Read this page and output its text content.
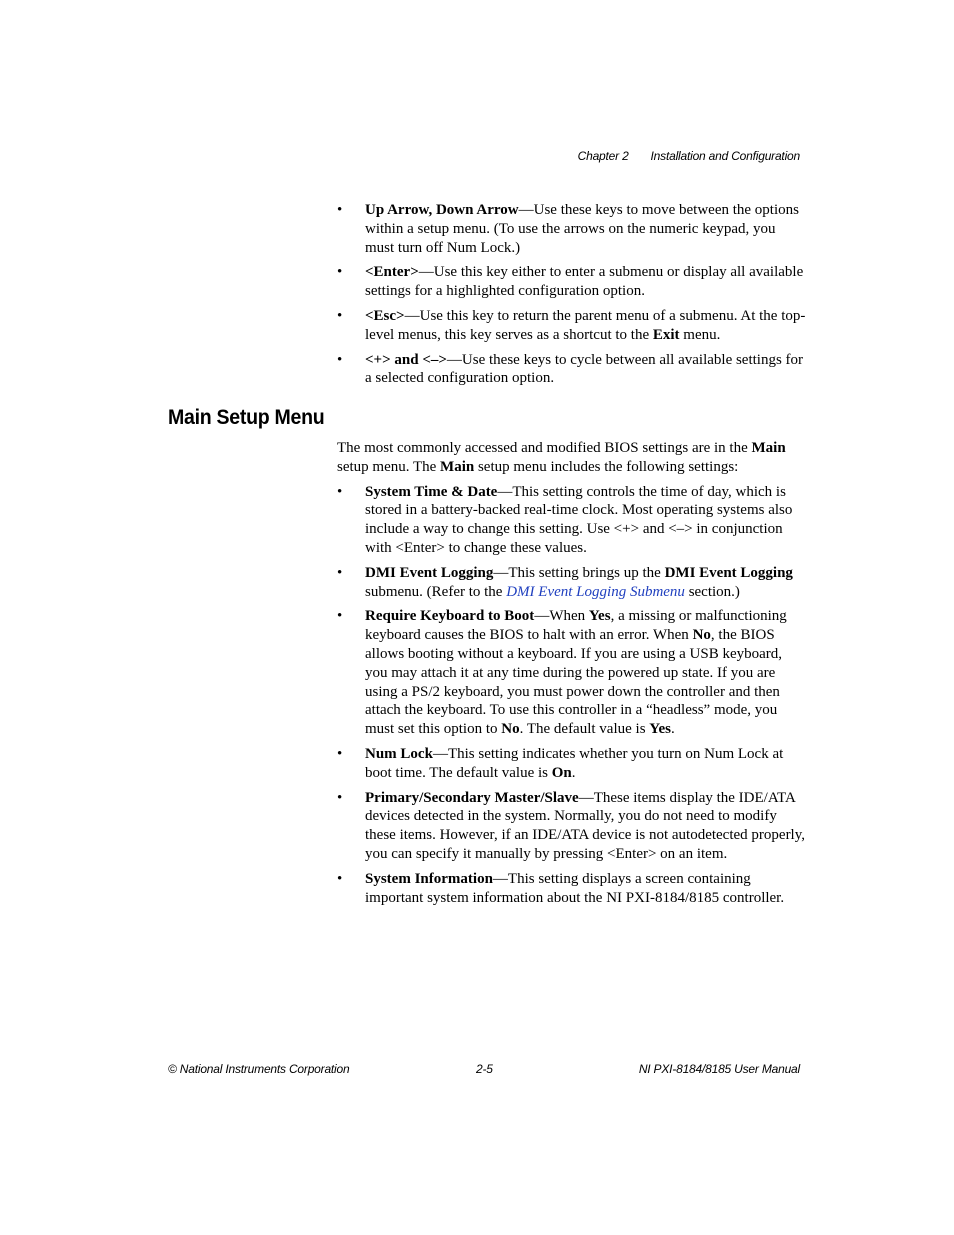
Chapter 2 Installation and Configuration
• Up Arrow, Down Arrow—Use these keys to move between the options within a setup menu. (To use the arrows on the numeric keypad, you must turn off Num Lock.)
• <Enter>—Use this key either to enter a submenu or display all available settings for a highlighted configuration option.
• <Esc>—Use this key to return the parent menu of a submenu. At the top-level menus, this key serves as a shortcut to the Exit menu.
• <+> and <–>—Use these keys to cycle between all available settings for a selected configuration option.
Main Setup Menu

The most commonly accessed and modified BIOS settings are in the Main setup menu. The Main setup menu includes the following settings:

• System Time & Date—This setting controls the time of day, which is stored in a battery-backed real-time clock. Most operating systems also include a way to change this setting. Use <+> and <–> in conjunction with <Enter> to change these values.
• DMI Event Logging—This setting brings up the DMI Event Logging submenu. (Refer to the DMI Event Logging Submenu section.)
• Require Keyboard to Boot—When Yes, a missing or malfunctioning keyboard causes the BIOS to halt with an error. When No, the BIOS allows booting without a keyboard. If you are using a USB keyboard, you may attach it at any time during the powered up state. If you are using a PS/2 keyboard, you must power down the controller and then attach the keyboard. To use this controller in a “headless” mode, you must set this option to No. The default value is Yes.
• Num Lock—This setting indicates whether you turn on Num Lock at boot time. The default value is On.
• Primary/Secondary Master/Slave—These items display the IDE/ATA devices detected in the system. Normally, you do not need to modify these items. However, if an IDE/ATA device is not autodetected properly, you can specify it manually by pressing <Enter> on an item.
• System Information—This setting displays a screen containing important system information about the NI PXI-8184/8185 controller.
© National Instruments Corporation	2-5	NI PXI-8184/8185 User Manual
